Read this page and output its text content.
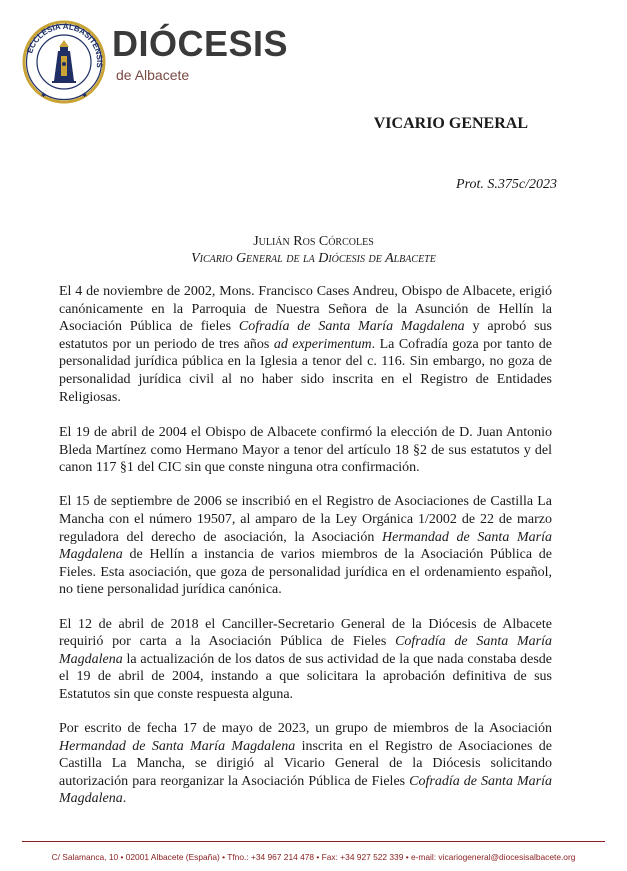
ECCLESIA ALBASITENSIS
✱	✱
DIÓCESIS
de Albacete
VICARIO GENERAL
Prot. S.375c/2023
Julián Ros Córcoles
Vicario General de la Diócesis de Albacete

El 4 de noviembre de 2002, Mons. Francisco Cases Andreu, Obispo de Albacete, erigió canónicamente en la Parroquia de Nuestra Señora de la Asunción de Hellín la Asociación Pública de fieles Cofradía de Santa María Magdalena y aprobó sus estatutos por un periodo de tres años ad experimentum. La Cofradía goza por tanto de personalidad jurídica pública en la Iglesia a tenor del c. 116. Sin embargo, no goza de personalidad jurídica civil al no haber sido inscrita en el Registro de Entidades Religiosas.

El 19 de abril de 2004 el Obispo de Albacete confirmó la elección de D. Juan Antonio Bleda Martínez como Hermano Mayor a tenor del artículo 18 §2 de sus estatutos y del canon 117 §1 del CIC sin que conste ninguna otra confirmación.

El 15 de septiembre de 2006 se inscribió en el Registro de Asociaciones de Castilla La Mancha con el número 19507, al amparo de la Ley Orgánica 1/2002 de 22 de marzo reguladora del derecho de asociación, la Asociación Hermandad de Santa María Magdalena de Hellín a instancia de varios miembros de la Asociación Pública de Fieles. Esta asociación, que goza de personalidad jurídica en el ordenamiento español, no tiene personalidad jurídica canónica.

El 12 de abril de 2018 el Canciller-Secretario General de la Diócesis de Albacete requirió por carta a la Asociación Pública de Fieles Cofradía de Santa María Magdalena la actualización de los datos de sus actividad de la que nada constaba desde el 19 de abril de 2004, instando a que solicitara la aprobación definitiva de sus Estatutos sin que conste respuesta alguna.

Por escrito de fecha 17 de mayo de 2023, un grupo de miembros de la Asociación Hermandad de Santa María Magdalena inscrita en el Registro de Asociaciones de Castilla La Mancha, se dirigió al Vicario General de la Diócesis solicitando autorización para reorganizar la Asociación Pública de Fieles Cofradía de Santa María Magdalena.

C/ Salamanca, 10 • 02001 Albacete (España) • Tfno.: +34 967 214 478 • Fax: +34 927 522 339 • e-mail: vicariogeneral@diocesisalbacete.org
